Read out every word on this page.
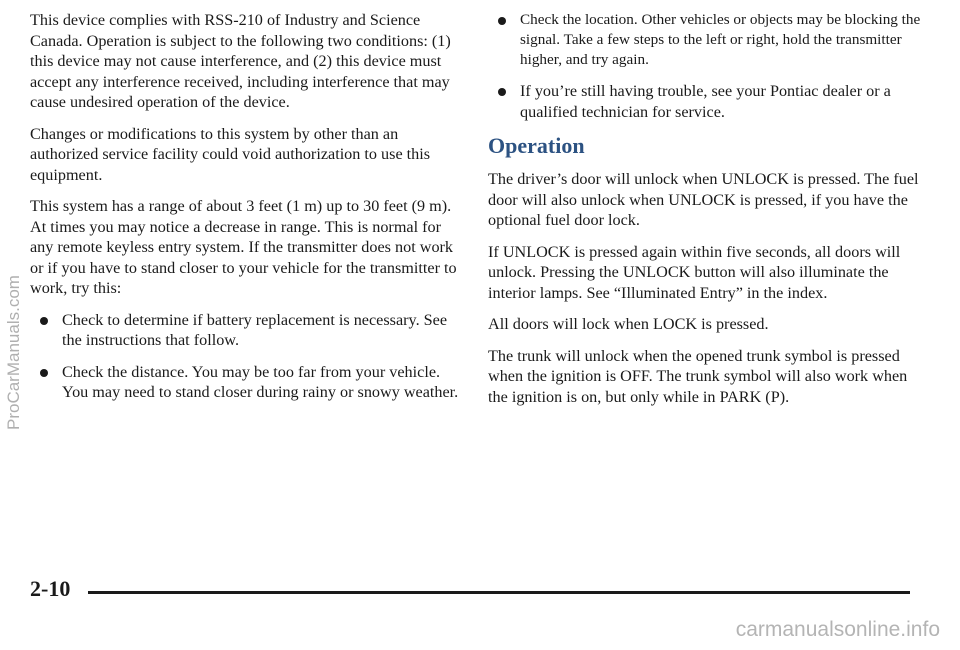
This device complies with RSS-210 of Industry and Science Canada. Operation is subject to the following two conditions: (1) this device may not cause interference, and (2) this device must accept any interference received, including interference that may cause undesired operation of the device.

Changes or modifications to this system by other than an authorized service facility could void authorization to use this equipment.

This system has a range of about 3 feet (1 m) up to 30 feet (9 m). At times you may notice a decrease in range. This is normal for any remote keyless entry system. If the transmitter does not work or if you have to stand closer to your vehicle for the transmitter to work, try this:

Check to determine if battery replacement is necessary. See the instructions that follow.
Check the distance. You may be too far from your vehicle. You may need to stand closer during rainy or snowy weather.
Check the location. Other vehicles or objects may be blocking the signal. Take a few steps to the left or right, hold the transmitter higher, and try again.
If you’re still having trouble, see your Pontiac dealer or a qualified technician for service.
Operation

The driver’s door will unlock when UNLOCK is pressed. The fuel door will also unlock when UNLOCK is pressed, if you have the optional fuel door lock.

If UNLOCK is pressed again within five seconds, all doors will unlock. Pressing the UNLOCK button will also illuminate the interior lamps. See “Illuminated Entry” in the index.

All doors will lock when LOCK is pressed.

The trunk will unlock when the opened trunk symbol is pressed when the ignition is OFF. The trunk symbol will also work when the ignition is on, but only while in PARK (P).

2-10
ProCarManuals.com
carmanualsonline.info
